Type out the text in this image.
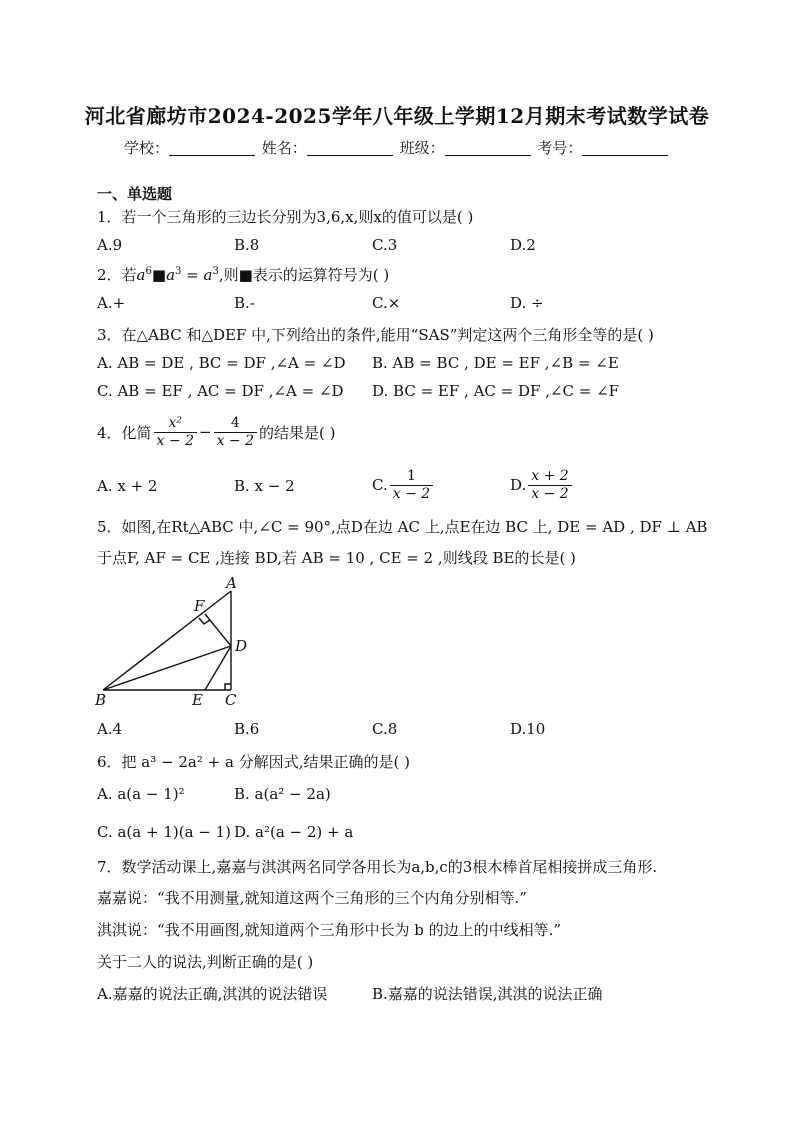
河北省廊坊市2024-2025学年八年级上学期12月期末考试数学试卷
学校：	姓名：	班级：	考号：
一、单选题
1．若一个三角形的三边长分别为3,6,x,则x的值可以是( )
A.9	B.8	C.3	D.2
2．若$a^6■a^3 = a^3$,则■表示的运算符号为( )
A.+	B.-	C.×	D. ÷
3．在△ABC 和△DEF 中,下列给出的条件,能用“SAS”判定这两个三角形全等的是( )
A. AB = DE , BC = DF ,∠A = ∠D B. AB = BC , DE = EF ,∠B = ∠E
C. AB = EF , AC = DF ,∠A = ∠D D. BC = EF , AC = DF ,∠C = ∠F
4．化简 $\frac{\text{x²}}{x - 2} - \frac{4}{x - 2}$ 的结果是( )
A. x + 2	B. x − 2	C. $\frac{1}{x - 2}$	D. $\frac{x + 2}{x - 2}$
5．如图,在Rt△ABC 中,∠C = 90°,点D在边 AC 上,点E在边 BC 上, DE = AD , DF ⊥ AB
于点F, AF = CE ,连接 BD,若 AB = 10 , CE = 2 ,则线段 BE的长是( )
A
F
D
B	E C
A.4	B.6	C.8	D.10
6．把 a³ − 2a² + a 分解因式,结果正确的是( )
A. a(a − 1)²	B. a(a² − 2a)
C. a(a + 1)(a − 1) D. a²(a − 2) + a
7．数学活动课上,嘉嘉与淇淇两名同学各用长为a,b,c的3根木棒首尾相接拼成三角形.
嘉嘉说：“我不用测量,就知道这两个三角形的三个内角分别相等.”
淇淇说：“我不用画图,就知道两个三角形中长为 b 的边上的中线相等.”
关于二人的说法,判断正确的是( )
A.嘉嘉的说法正确,淇淇的说法错误	B.嘉嘉的说法错误,淇淇的说法正确
